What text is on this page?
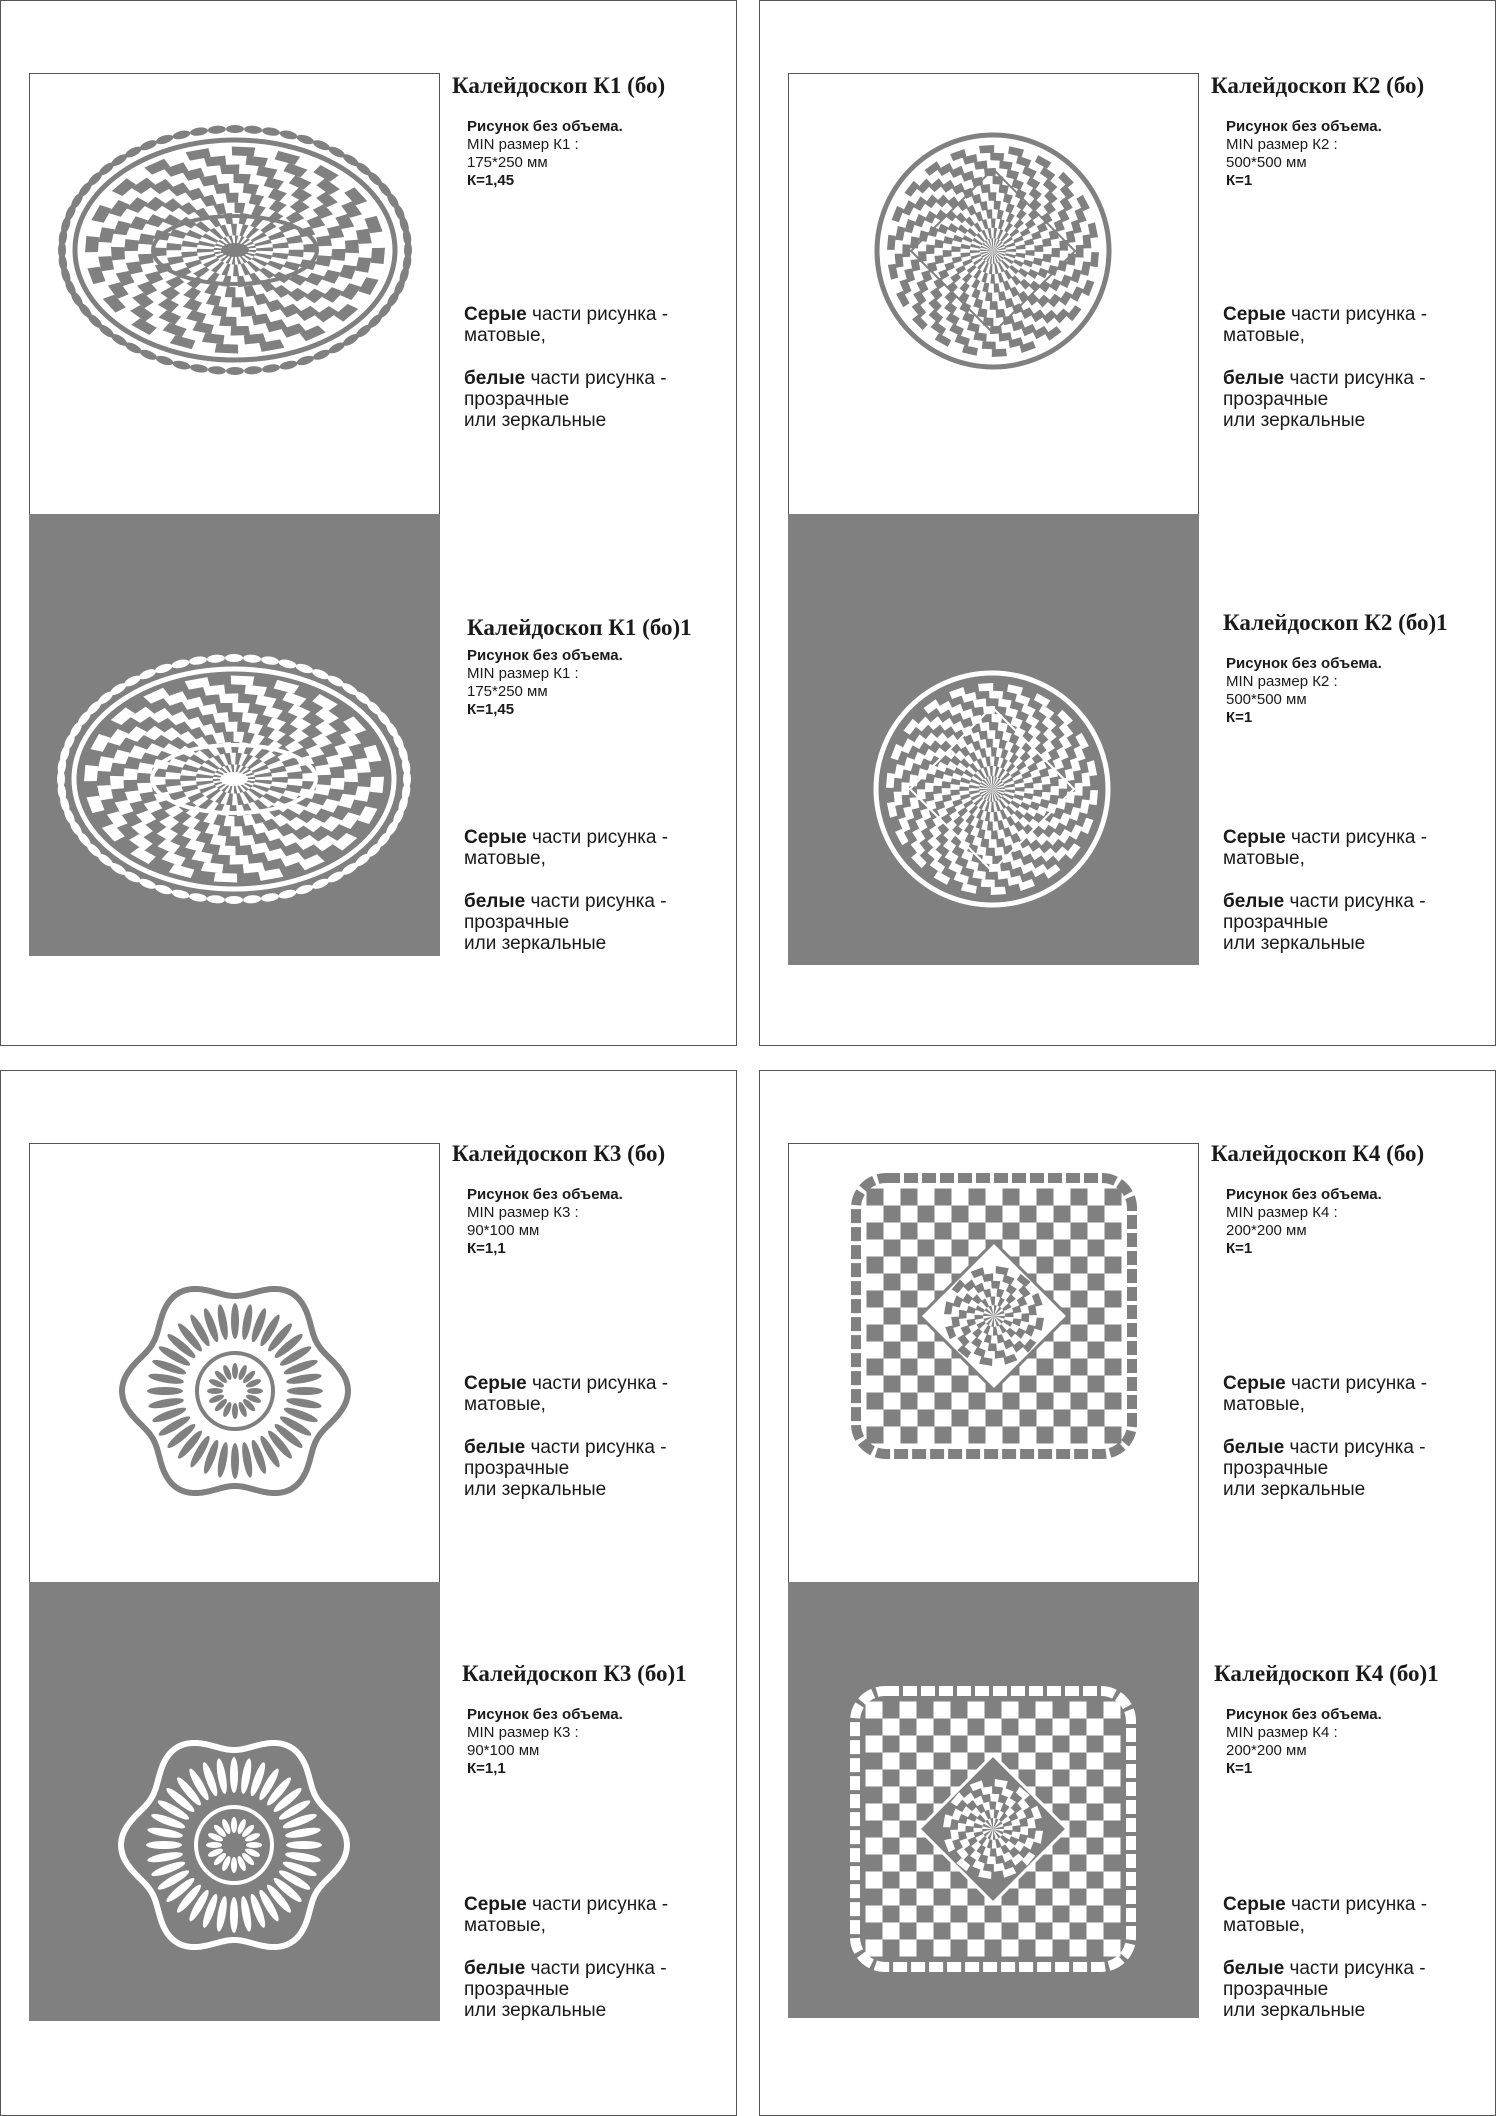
Калейдоскоп К1 (бо)
Рисунок без объема.
MIN размер К1 :
175*250 мм
К=1,45

Серые части рисунка -
матовые,

белые части рисунка -
прозрачные
или зеркальные

Калейдоскоп К1 (бо)1
Рисунок без объема.
MIN размер К1 :
175*250 мм
К=1,45

Серые части рисунка -
матовые,

белые части рисунка -
прозрачные
или зеркальные

Калейдоскоп К2 (бо)
Рисунок без объема.
MIN размер К2 :
500*500 мм
К=1

Серые части рисунка -
матовые,

белые части рисунка -
прозрачные
или зеркальные

Калейдоскоп К2 (бо)1
Рисунок без объема.
MIN размер К2 :
500*500 мм
К=1

Серые части рисунка -
матовые,

белые части рисунка -
прозрачные
или зеркальные

Калейдоскоп К3 (бо)
Рисунок без объема.
MIN размер К3 :
90*100 мм
К=1,1

Серые части рисунка -
матовые,

белые части рисунка -
прозрачные
или зеркальные

Калейдоскоп К3 (бо)1
Рисунок без объема.
MIN размер К3 :
90*100 мм
К=1,1

Серые части рисунка -
матовые,

белые части рисунка -
прозрачные
или зеркальные

Калейдоскоп К4 (бо)
Рисунок без объема.
MIN размер К4 :
200*200 мм
К=1

Серые части рисунка -
матовые,

белые части рисунка -
прозрачные
или зеркальные

Калейдоскоп К4 (бо)1
Рисунок без объема.
MIN размер К4 :
200*200 мм
К=1

Серые части рисунка -
матовые,

белые части рисунка -
прозрачные
или зеркальные
